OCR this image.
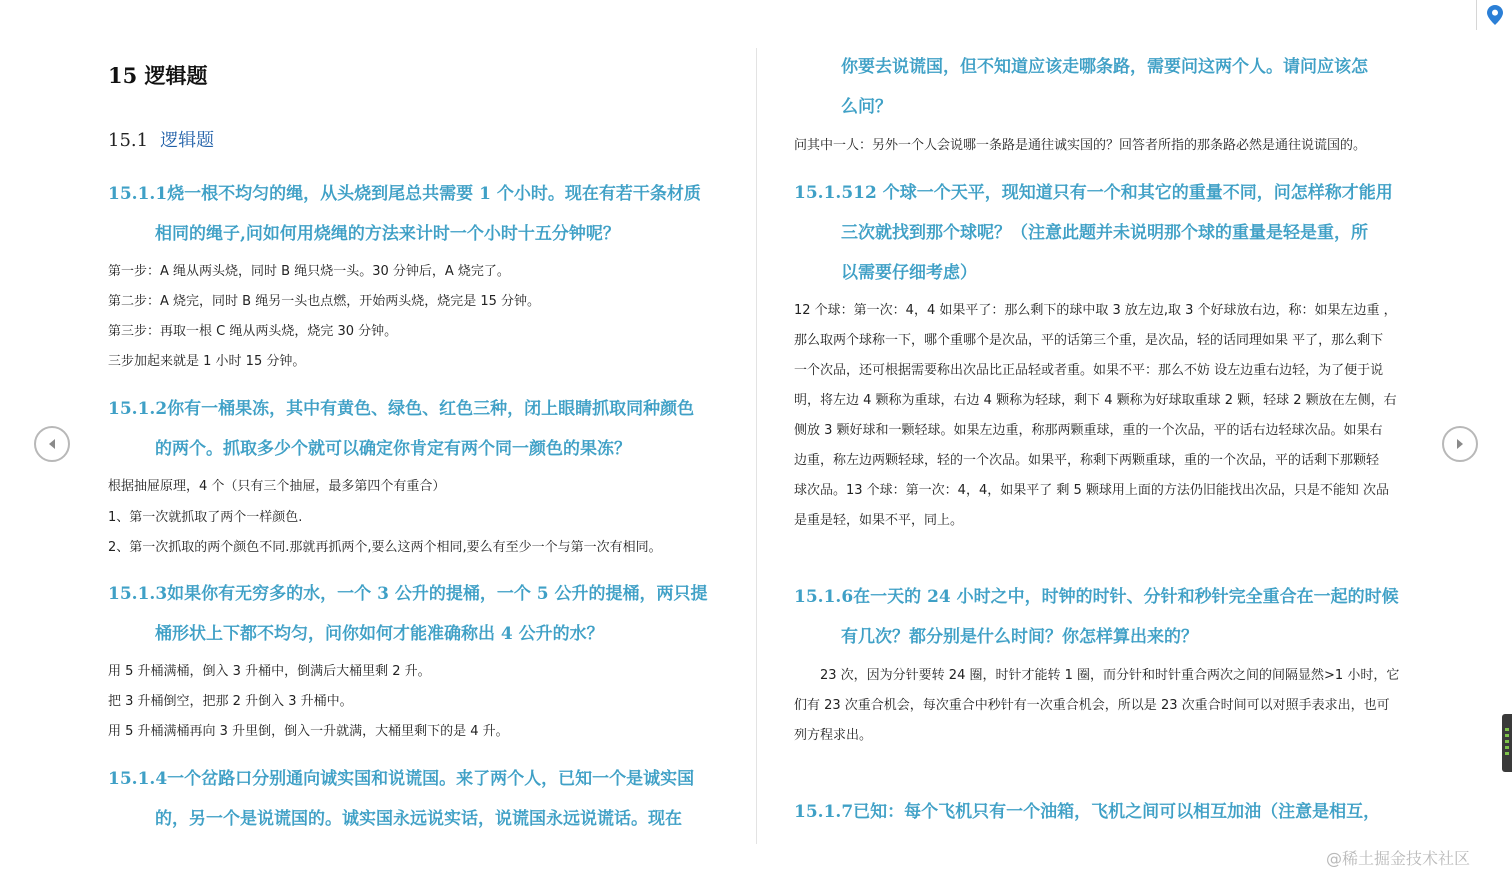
15 逻辑题
15.1 逻辑题
15.1.1烧一根不均匀的绳，从头烧到尾总共需要 1 个小时。现在有若干条材质
相同的绳子,问如何用烧绳的方法来计时一个小时十五分钟呢？
第一步：A 绳从两头烧，同时 B 绳只烧一头。30 分钟后，A 烧完了。
第二步：A 烧完，同时 B 绳另一头也点燃，开始两头烧，烧完是 15 分钟。
第三步：再取一根 C 绳从两头烧，烧完 30 分钟。
三步加起来就是 1 小时 15 分钟。
15.1.2你有一桶果冻，其中有黄色、绿色、红色三种，闭上眼睛抓取同种颜色
的两个。抓取多少个就可以确定你肯定有两个同一颜色的果冻？
根据抽屉原理，4 个（只有三个抽屉，最多第四个有重合）
1、第一次就抓取了两个一样颜色.
2、第一次抓取的两个颜色不同.那就再抓两个,要么这两个相同,要么有至少一个与第一次有相同。
15.1.3如果你有无穷多的水，一个 3 公升的提桶，一个 5 公升的提桶，两只提
桶形状上下都不均匀，问你如何才能准确称出 4 公升的水？
用 5 升桶满桶，倒入 3 升桶中，倒满后大桶里剩 2 升。
把 3 升桶倒空，把那 2 升倒入 3 升桶中。
用 5 升桶满桶再向 3 升里倒，倒入一升就满，大桶里剩下的是 4 升。
15.1.4一个岔路口分别通向诚实国和说谎国。来了两个人，已知一个是诚实国
的，另一个是说谎国的。诚实国永远说实话，说谎国永远说谎话。现在
你要去说谎国，但不知道应该走哪条路，需要问这两个人。请问应该怎
么问？
问其中一人：另外一个人会说哪一条路是通往诚实国的？回答者所指的那条路必然是通往说谎国的。
15.1.512 个球一个天平，现知道只有一个和其它的重量不同，问怎样称才能用
三次就找到那个球呢？（注意此题并未说明那个球的重量是轻是重，所
以需要仔细考虑）
12 个球：第一次：4，4 如果平了：那么剩下的球中取 3 放左边,取 3 个好球放右边，称：如果左边重 ，
那么取两个球称一下，哪个重哪个是次品，平的话第三个重，是次品，轻的话同理如果 平了，那么剩下
一个次品，还可根据需要称出次品比正品轻或者重。如果不平：那么不妨 设左边重右边轻，为了便于说
明，将左边 4 颗称为重球，右边 4 颗称为轻球，剩下 4 颗称为好球取重球 2 颗，轻球 2 颗放在左侧，右
侧放 3 颗好球和一颗轻球。如果左边重，称那两颗重球，重的一个次品，平的话右边轻球次品。如果右
边重，称左边两颗轻球，轻的一个次品。如果平，称剩下两颗重球，重的一个次品，平的话剩下那颗轻
球次品。13 个球：第一次：4，4，如果平了 剩 5 颗球用上面的方法仍旧能找出次品，只是不能知 次品
是重是轻，如果不平，同上。
15.1.6在一天的 24 小时之中，时钟的时针、分针和秒针完全重合在一起的时候
有几次？都分别是什么时间？你怎样算出来的？
23 次，因为分针要转 24 圈，时针才能转 1 圈，而分针和时针重合两次之间的间隔显然>1 小时，它
们有 23 次重合机会，每次重合中秒针有一次重合机会，所以是 23 次重合时间可以对照手表求出，也可
列方程求出。
15.1.7已知：每个飞机只有一个油箱，飞机之间可以相互加油（注意是相互，
@稀土掘金技术社区
